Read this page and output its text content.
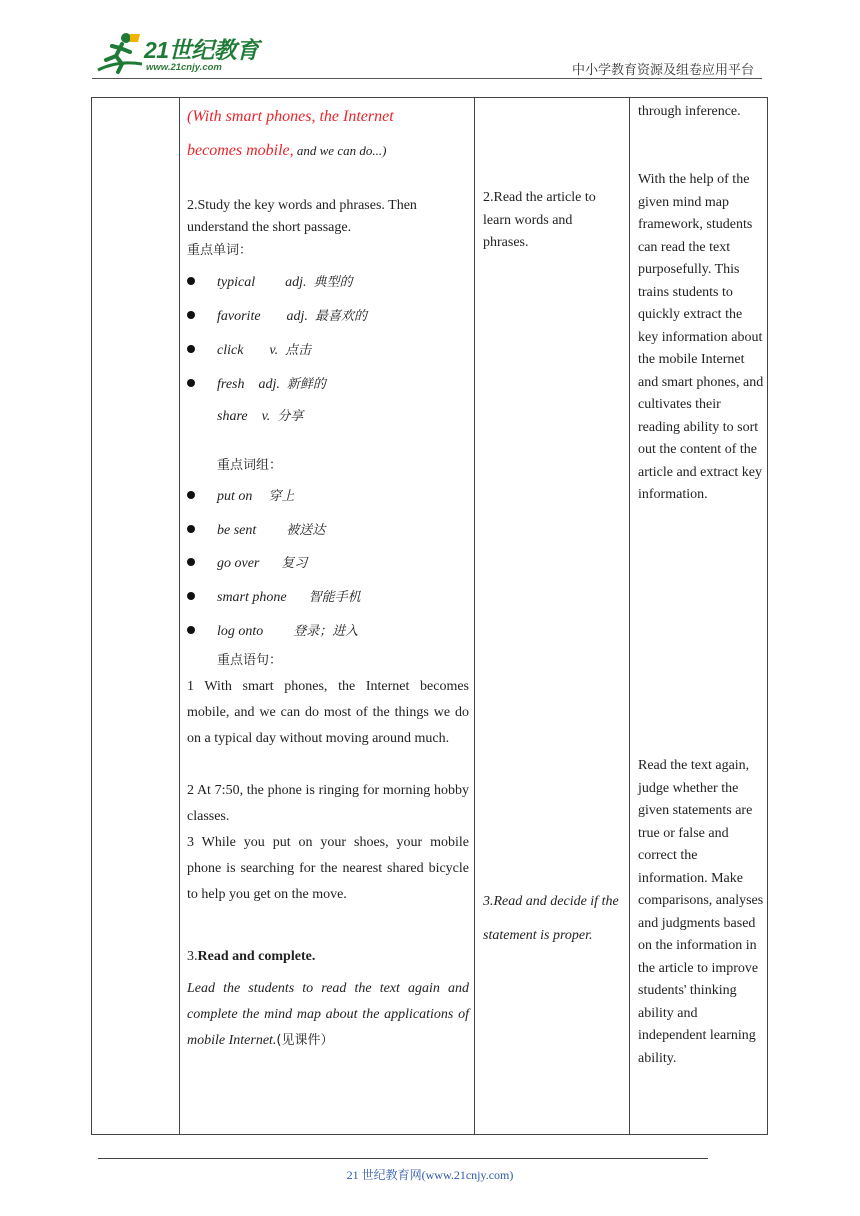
21世纪教育
www.21cnjy.com	中小学教育资源及组卷应用平台
(With smart phones, the Internet
becomes mobile, and we can do...)
2.Study the key words and phrases. Then understand the short passage.
重点单词：
typical adj. 典型的
favorite adj. 最喜欢的
click v. 点击
fresh adj. 新鲜的
share v. 分享
重点词组：
put on 穿上
be sent 被送达
go over 复习
smart phone 智能手机
log onto 登录；进入
重点语句：
1 With smart phones, the Internet becomes mobile, and we can do most of the things we do on a typical day without moving around much.
2 At 7:50, the phone is ringing for morning hobby classes.
3 While you put on your shoes, your mobile phone is searching for the nearest shared bicycle to help you get on the move.
3.Read and complete.
Lead the students to read the text again and complete the mind map about the applications of mobile Internet.(见课件）
2.Read the article to learn words and phrases.
3.Read and decide if the statement is proper.
through inference.
With the help of the given mind map framework, students can read the text purposefully. This trains students to quickly extract the key information about the mobile Internet and smart phones, and cultivates their reading ability to sort out the content of the article and extract key information.
Read the text again, judge whether the given statements are true or false and correct the information. Make comparisons, analyses and judgments based on the information in the article to improve students' thinking ability and independent learning ability.
21 世纪教育网(www.21cnjy.com)
